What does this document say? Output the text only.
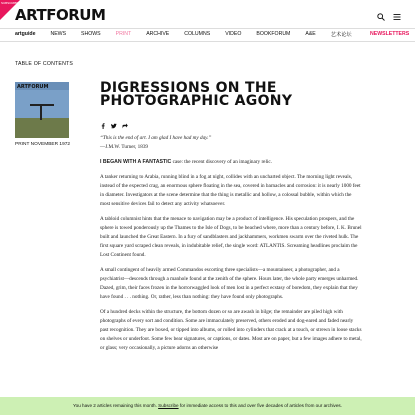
SUBSCRIBE
ARTFORUM
artguide	NEWS	SHOWS	PRINT	ARCHIVE	COLUMNS	VIDEO	BOOKFORUM	A&E	艺术论坛	NEWSLETTERS
TABLE OF CONTENTS
ARTFORUM
PRINT NOVEMBER 1972
DIGRESSIONS ON THE PHOTOGRAPHIC AGONY

“This is the end of art. I am glad I have had my day.”

—J.M.W. Turner, 1839

I BEGAN WITH A FANTASTIC case: the recent discovery of an imaginary relic.

A tanker returning to Arabia, running blind in a fog at night, collides with an uncharted object. The morning light reveals, instead of the expected crag, an enormous sphere floating in the sea, covered in barnacles and corrosion: it is nearly 1000 feet in diameter. Investigators at the scene determine that the thing is metallic and hollow, a colossal bubble, within which the most sensitive devices fail to detect any activity whatsoever.

A tabloid columnist hints that the menace to navigation may be a product of intelligence. His speculation prospers, and the sphere is towed ponderously up the Thames to the Isle of Dogs, to be beached where, more than a century before, I. K. Brunel built and launched the Great Eastern. In a fury of sandblasters and jackhammers, workmen swarm over the riveted hulk. The first square yard scraped clean reveals, in indubitable relief, the single word: ATLANTIS. Screaming headlines proclaim the Lost Continent found.

A small contingent of heavily armed Commandos escorting three specialists—a mountaineer, a photographer, and a psychiatrist—descends through a manhole found at the zenith of the sphere. Hours later, the whole party emerges unharmed. Dazed, grim, their faces frozen in the horrorwaggled look of men lost in a perfect ecstasy of boredom, they explain that they have found . . . nothing. Or, rather, less than nothing: they have found only photographs.

Of a hundred decks within the structure, the bottom dozen or so are awash in bilge; the remainder are piled high with photographs of every sort and condition. Some are immaculately preserved, others eroded and dog-eared and faded nearly past recognition. They are boxed, or tipped into albums, or rolled into cylinders that crack at a touch, or strewn in loose stacks on shelves or underfoot. Some few bear signatures, or captions, or dates. Most are on paper, but a few images adhere to metal, or glass; very occasionally, a picture adorns an otherwise

You have 2 articles remaining this month. Subscribe for immediate access to this and over five decades of articles from our archives.
